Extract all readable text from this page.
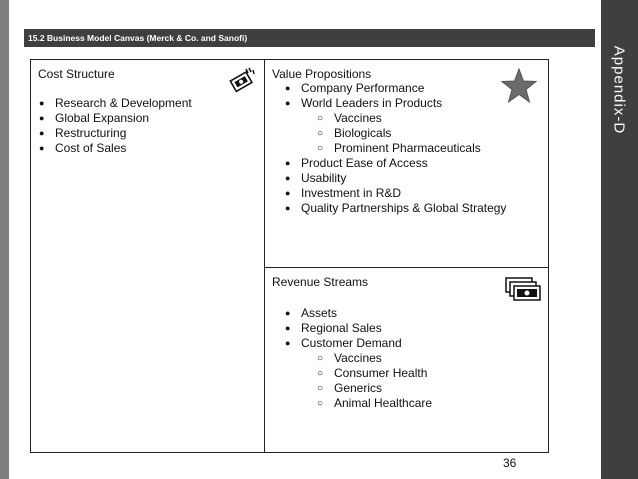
15.2 Business Model Canvas (Merck & Co. and Sanofi)
Appendix-D
Cost Structure
● Research & Development
● Global Expansion
● Restructuring
● Cost of Sales
Value Propositions
● Company Performance
● World Leaders in Products
○ Vaccines
○ Biologicals
○ Prominent Pharmaceuticals
● Product Ease of Access
● Usability
● Investment in R&D
● Quality Partnerships & Global Strategy
Revenue Streams
● Assets
● Regional Sales
● Customer Demand
○ Vaccines
○ Consumer Health
○ Generics
○ Animal Healthcare
36
